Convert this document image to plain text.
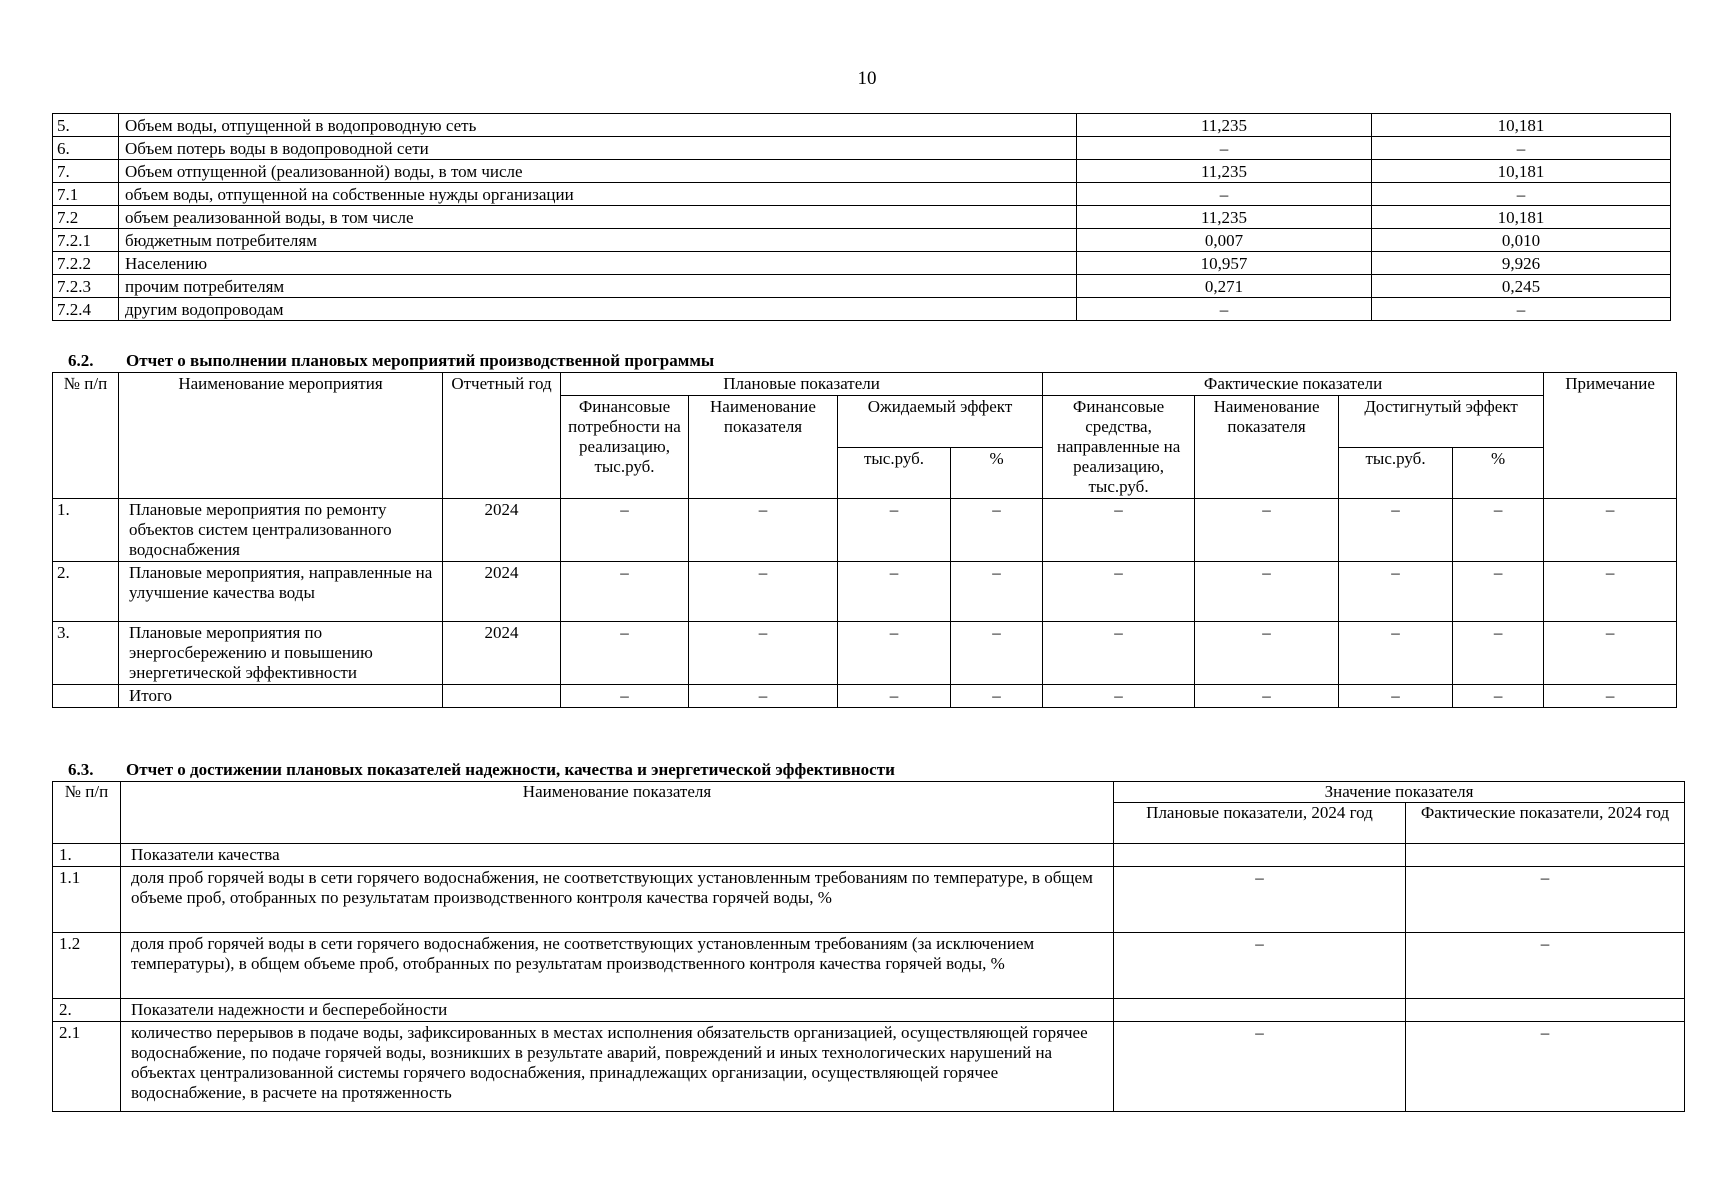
10
5.	Объем воды, отпущенной в водопроводную сеть	11,235	10,181
6.	Объем потерь воды в водопроводной сети	–	–
7.	Объем отпущенной (реализованной) воды, в том числе	11,235	10,181
7.1	объем воды, отпущенной на собственные нужды организации	–	–
7.2	объем реализованной воды, в том числе	11,235	10,181
7.2.1	бюджетным потребителям	0,007	0,010
7.2.2	Населению	10,957	9,926
7.2.3	прочим потребителям	0,271	0,245
7.2.4	другим водопроводам	–	–
6.2. Отчет о выполнении плановых мероприятий производственной программы
№ п/п	Наименование мероприятия	Отчетный год	Плановые показатели				Фактические показатели				Примечание
			Финансовые потребности на реализацию, тыс.руб.	Наименование показателя	Ожидаемый эффект		Финансовые средства, направленные на реализацию, тыс.руб.	Наименование показателя	Достигнутый эффект		
					тыс.руб.	%			тыс.руб.	%	
1.	Плановые мероприятия по ремонту объектов систем централизованного водоснабжения	2024	–	–	–	–	–	–	–	–	–
2.	Плановые мероприятия, направленные на улучшение качества воды	2024	–	–	–	–	–	–	–	–	–
3.	Плановые мероприятия по энергосбережению и повышению энергетической эффективности	2024	–	–	–	–	–	–	–	–	–
	Итого		–	–	–	–	–	–	–	–	–
6.3. Отчет о достижении плановых показателей надежности, качества и энергетической эффективности
№ п/п	Наименование показателя	Значение показателя	
		Плановые показатели, 2024 год	Фактические показатели, 2024 год
1.	Показатели качества		
1.1	доля проб горячей воды в сети горячего водоснабжения, не соответствующих установленным требованиям по температуре, в общем объеме проб, отобранных по результатам производственного контроля качества горячей воды, %	–	–
1.2	доля проб горячей воды в сети горячего водоснабжения, не соответствующих установленным требованиям (за исключением температуры), в общем объеме проб, отобранных по результатам производственного контроля качества горячей воды, %	–	–
2.	Показатели надежности и бесперебойности		
2.1	количество перерывов в подаче воды, зафиксированных в местах исполнения обязательств организацией, осуществляющей горячее водоснабжение, по подаче горячей воды, возникших в результате аварий, повреждений и иных технологических нарушений на объектах централизованной системы горячего водоснабжения, принадлежащих организации, осуществляющей горячее водоснабжение, в расчете на протяженность	–	–
